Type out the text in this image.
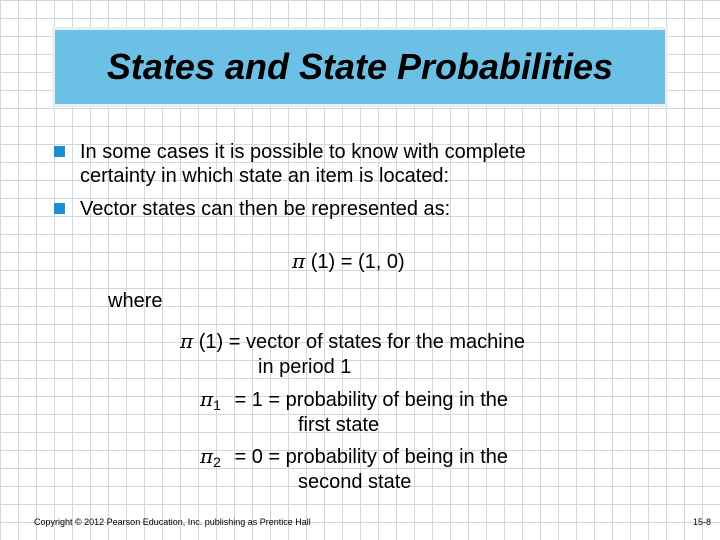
States and State Probabilities
In some cases it is possible to know with complete
certainty in which state an item is located:
Vector states can then be represented as:
π (1) = (1, 0)
where
π (1) = vector of states for the machine
in period 1
$\pi_1 = 1$ = probability of being in the
first state
$\pi_2 = 0$ = probability of being in the
second state
Copyright © 2012 Pearson Education, Inc. publishing as Prentice Hall	15-8
